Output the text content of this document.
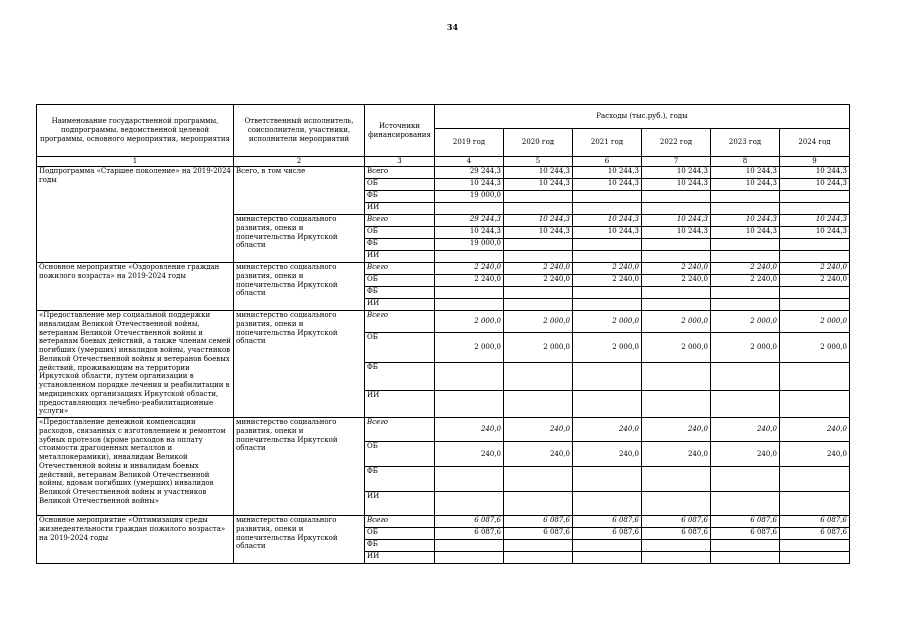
34
Наименование государственной программы, подпрограммы, ведомственной целевой программы, основного мероприятия, мероприятия	Ответственный исполнитель, соисполнители, участники, исполнители мероприятий	Источники финансирования	Расходы (тыс.руб.), годы					
			2019 год	2020 год	2021 год	2022 год	2023 год	2024 год
1	2	3	4	5	6	7	8	9
Подпрограмма «Старшее поколение» на 2019-2024 годы	Всего, в том числе	Всего	29 244,3	10 244,3	10 244,3	10 244,3	10 244,3	10 244,3
		ОБ	10 244,3	10 244,3	10 244,3	10 244,3	10 244,3	10 244,3
		ФБ	19 000,0					
		ИИ						
	министерство социального развития, опеки и попечительства Иркутской области	Всего	29 244,3	10 244,3	10 244,3	10 244,3	10 244,3	10 244,3
		ОБ	10 244,3	10 244,3	10 244,3	10 244,3	10 244,3	10 244,3
		ФБ	19 000,0					
		ИИ						
Основное мероприятие «Оздоровление граждан пожилого возраста» на 2019-2024 годы	министерство социального развития, опеки и попечительства Иркутской области	Всего	2 240,0	2 240,0	2 240,0	2 240,0	2 240,0	2 240,0
		ОБ	2 240,0	2 240,0	2 240,0	2 240,0	2 240,0	2 240,0
		ФБ						
		ИИ						
«Предоставление мер социальной поддержки инвалидам Великой Отечественной войны, ветеранам Великой Отечественной войны и ветеранам боевых действий, а также членам семей погибших (умерших) инвалидов войны, участников Великой Отечественной войны и ветеранов боевых действий, проживающим на территории Иркутской области, путем организации в установленном порядке лечения и реабилитации в медицинских организациях Иркутской области, предоставляющих лечебно-реабилитационные услуги»	министерство социального развития, опеки и попечительства Иркутской области	Всего	2 000,0	2 000,0	2 000,0	2 000,0	2 000,0	2 000,0
		ОБ	2 000,0	2 000,0	2 000,0	2 000,0	2 000,0	2 000,0
		ФБ						
		ИИ						
«Предоставление денежной компенсации расходов, связанных с изготовлением и ремонтом зубных протезов (кроме расходов на оплату стоимости драгоценных металлов и металлокерамики), инвалидам Великой Отечественной войны и инвалидам боевых действий, ветеранам Великой Отечественной войны, вдовам погибших (умерших) инвалидов Великой Отечественной войны и участников Великой Отечественной войны»	министерство социального развития, опеки и попечительства Иркутской области	Всего	240,0	240,0	240,0	240,0	240,0	240,0
		ОБ	240,0	240,0	240,0	240,0	240,0	240,0
		ФБ						
		ИИ						
Основное мероприятие «Оптимизация среды жизнедеятельности граждан пожилого возраста» на 2019-2024 годы	министерство социального развития, опеки и попечительства Иркутской области	Всего	6 087,6	6 087,6	6 087,6	6 087,6	6 087,6	6 087,6
		ОБ	6 087,6	6 087,6	6 087,6	6 087,6	6 087,6	6 087,6
		ФБ						
		ИИ						
